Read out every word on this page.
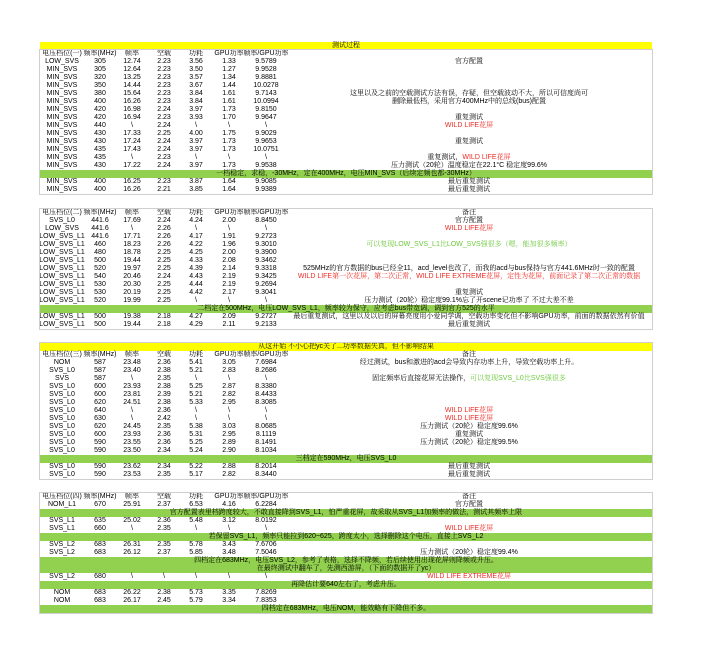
测试过程
电压档位(一) 频率(MHz)	帧率	空载	功耗	GPU功率 帧率/GPU功率
LOW_SVS	305	12.74	2.23	3.56	1.33	9.5789	官方配置
MIN_SVS	305	12.64	2.23	3.50	1.27	9.9528
MIN_SVS	320	13.25	2.23	3.57	1.34	9.8881
MIN_SVS	350	14.44	2.23	3.67	1.44	10.0278
MIN_SVS	380	15.64	2.23	3.84	1.61	9.7143	这里以及之前的空载测试方法有误，存疑，但空载波动不大，所以可信度尚可
MIN_SVS	400	16.26	2.23	3.84	1.61	10.0994	删除最低档，采用官方400MHz中的总线(bus)配置
MIN_SVS	420	16.98	2.24	3.97	1.73	9.8150
MIN_SVS	420	16.94	2.23	3.93	1.70	9.9647	重复测试
MIN_SVS	440	\	2.24	\	\	\	WILD LIFE花屏
MIN_SVS	430	17.33	2.25	4.00	1.75	9.9029
MIN_SVS	430	17.24	2.24	3.97	1.73	9.9653	重复测试
MIN_SVS	435	17.43	2.24	3.97	1.73	10.0751
MIN_SVS	435	\	2.23	\	\	\	重复测试， WILD LIFE花屏
MIN_SVS	430	17.22	2.24	3.97	1.73	9.9538	压力测试（20轮）温度稳定在22.1°C 稳定度99.6%
一档稳定，求稳，-30MHz，定在400MHz，电压MIN_SVS（后续定频也都-30MHz）
MIN_SVS	400	16.25	2.23	3.87	1.64	9.9085	最后重复测试
MIN_SVS	400	16.26	2.21	3.85	1.64	9.9389	最后重复测试
电压档位(二) 频率(MHz)	帧率	空载	功耗	GPU功率 帧率/GPU功率	备注
SVS_L0	441.6	17.69	2.24	4.24	2.00	8.8450	官方配置
LOW_SVS	441.6	\	2.26	\	\	\	WILD LIFE花屏
LOW_SVS_L1 441.6	17.71	2.26	4.17	1.91	9.2723
LOW_SVS_L1	460	18.23	2.26	4.22	1.96	9.3010	可以复现LOW_SVS_L1比LOW_SVS强很多（嗯，能加很多频率）
LOW_SVS_L1	480	18.78	2.25	4.25	2.00	9.3900
LOW_SVS_L1	500	19.44	2.25	4.33	2.08	9.3462
LOW_SVS_L1	520	19.97	2.25	4.39	2.14	9.3318	525MHz的官方数据的bus已经全11，acd_level也改了，而我的acd与bus保持与官方441.6MHz时一致的配置
LOW_SVS_L1	540	20.46	2.24	4.43	2.19	9.3425	WILD LIFE第一次花屏，第二次正常，WILD LIFE EXTREME花屏，定性为花屏，前面记录了第二次正常的数据
LOW_SVS_L1	530	20.30	2.25	4.44	2.19	9.2694
LOW_SVS_L1	530	20.19	2.25	4.42	2.17	9.3041	重复测试
LOW_SVS_L1	520	19.99	2.25	\	\	\	压力测试（20轮）稳定度99.1%忘了开scene记功率了 不过大差不差
二档定在500MHz，电压LOW_SVS_L1，频率较为保守，应考虑bus带宽调，调到官方525的水平
LOW_SVS_L1	500	19.38	2.18	4.27	2.09	9.2727	最后重复测试，这里以及以后的屏幕亮度用小爱同学调，空载功率变化但不影响GPU功率，前面的数据依然有价值
LOW_SVS_L1	500	19.44	2.18	4.29	2.11	9.2133	最后重复测试
从这开始 不小心把yc关了...功率数据失真，但不影响结果
电压档位(三) 频率(MHz)	帧率	空载	功耗	GPU功率 帧率/GPU功率	备注
NOM	587	23.48	2.36	5.41	3.05	7.6984	经过测试，bus和激进的acd会导致内存功率上升，导致空载功率上升。
SVS_L0	587	23.40	2.38	5.21	2.83	8.2686
SVS	587	\	2.35	\	\	\	固定频率后直接花屏无法操作， 可以复现SVS_L0比SVS强很多
SVS_L0	600	23.93	2.38	5.25	2.87	8.3380
SVS_L0	600	23.81	2.39	5.21	2.82	8.4433
SVS_L0	620	24.51	2.38	5.33	2.95	8.3085
SVS_L0	640	\	2.36	\	\	\	WILD LIFE花屏
SVS_L0	630	\	2.42	\	\	\	WILD LIFE花屏
SVS_L0	620	24.45	2.35	5.38	3.03	8.0685	压力测试（20轮）稳定度99.6%
SVS_L0	600	23.93	2.36	5.31	2.95	8.1119	重复测试
SVS_L0	590	23.55	2.36	5.25	2.89	8.1491	压力测试（20轮）稳定度99.5%
SVS_L0	590	23.50	2.34	5.24	2.90	8.1034
三档定在590MHz，电压SVS_L0
SVS_L0	590	23.62	2.34	5.22	2.88	8.2014	最后重复测试
SVS_L0	590	23.53	2.35	5.17	2.82	8.3440	最后重复测试
电压档位(四) 频率(MHz)	帧率	空载	功耗	GPU功率 帧率/GPU功率	备注
NOM_L1	670	25.91	2.37	6.53	4.16	6.2284	官方配置
官方配置表里档跨度较大，不敢直接降到SVS_L1，怕严重花屏，故采取从SVS_L1加频率的做法，测试其频率上限
SVS_L1	635	25.02	2.36	5.48	3.12	8.0192
SVS_L1	660	\	2.35	\	\	\	WILD LIFE花屏
若保留SVS_L1，频率只能拉到620~625，跨度太小，选择删除这个电压，直接上SVS_L2
SVS_L2	683	26.31	2.35	5.78	3.43	7.6706
SVS_L2	683	26.12	2.37	5.85	3.48	7.5046	压力测试（20轮）稳定度99.4%
四档定在683MHz，电压SVS_L2，参考了表格，选择不降频，若后续使用出现花屏则降频或升压。
在最终测试中翻车了，先测西游屏，（下面的数据开了yc）
SVS_L2	680	\	\	\	\	\	WILD LIFE EXTREME花屏
再降估计要640左右了，考虑升压。
NOM	683	26.22	2.38	5.73	3.35	7.8269
NOM	683	26.17	2.45	5.79	3.34	7.8353
四档定在683MHz，电压NOM，能效略有下降但不多。
